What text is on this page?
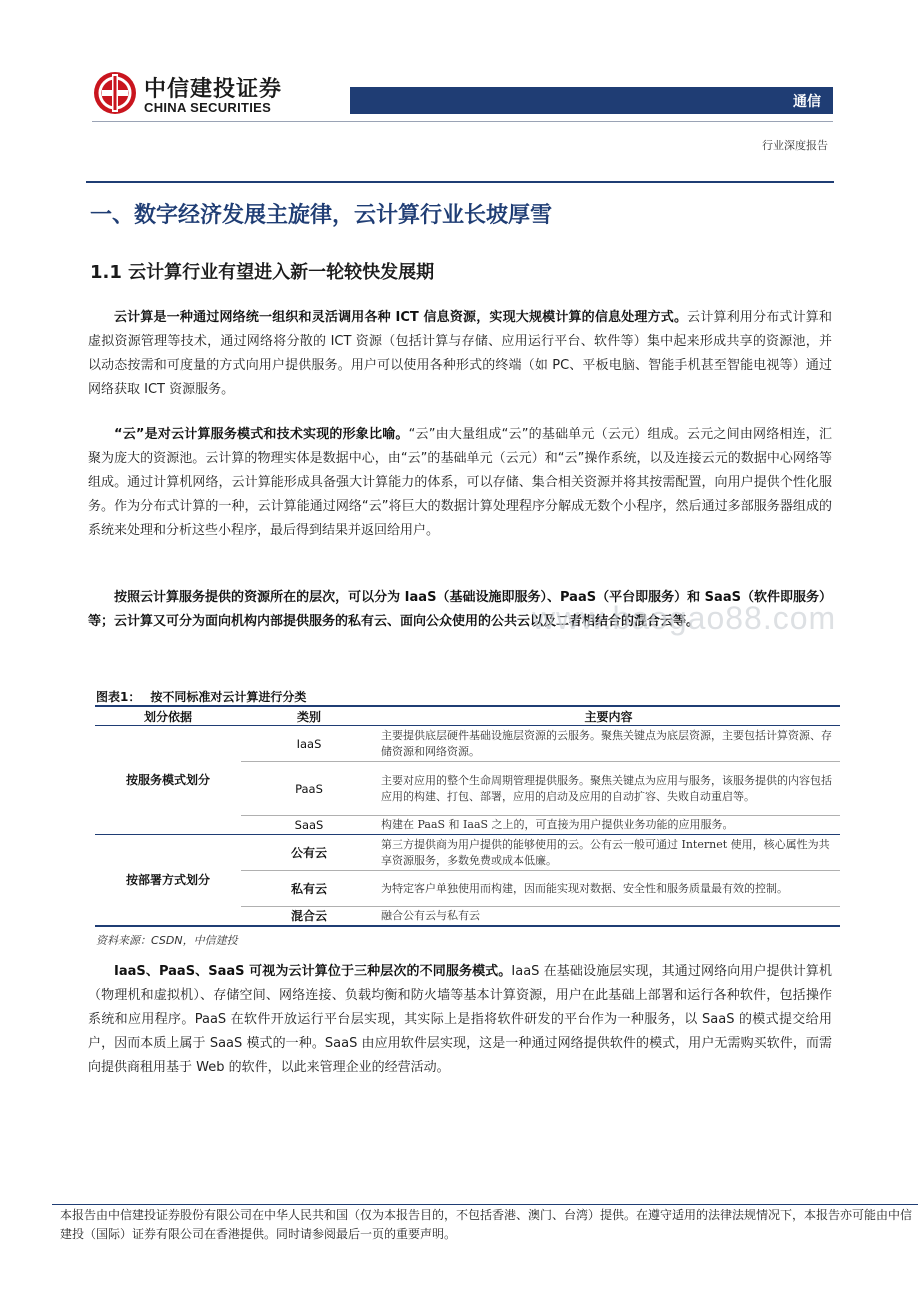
中信建投证券
CHINA SECURITIES	通信
行业深度报告
一、数字经济发展主旋律，云计算行业长坡厚雪
1.1 云计算行业有望进入新一轮较快发展期

云计算是一种通过网络统一组织和灵活调用各种 ICT 信息资源，实现大规模计算的信息处理方式。云计算利用分布式计算和虚拟资源管理等技术，通过网络将分散的 ICT 资源（包括计算与存储、应用运行平台、软件等）集中起来形成共享的资源池，并以动态按需和可度量的方式向用户提供服务。用户可以使用各种形式的终端（如 PC、平板电脑、智能手机甚至智能电视等）通过网络获取 ICT 资源服务。

“云”是对云计算服务模式和技术实现的形象比喻。“云”由大量组成“云”的基础单元（云元）组成。云元之间由网络相连，汇聚为庞大的资源池。云计算的物理实体是数据中心，由“云”的基础单元（云元）和“云”操作系统，以及连接云元的数据中心网络等组成。通过计算机网络，云计算能形成具备强大计算能力的体系，可以存储、集合相关资源并将其按需配置，向用户提供个性化服务。作为分布式计算的一种，云计算能通过网络“云”将巨大的数据计算处理程序分解成无数个小程序，然后通过多部服务器组成的系统来处理和分析这些小程序，最后得到结果并返回给用户。

按照云计算服务提供的资源所在的层次，可以分为 IaaS（基础设施即服务）、PaaS（平台即服务）和 SaaS（软件即服务）等；云计算又可分为面向机构内部提供服务的私有云、面向公众使用的公共云以及二者相结合的混合云等。

www.baogao88.com
图表1： 按不同标准对云计算进行分类
划分依据	类别	主要内容
按服务模式划分	IaaS	主要提供底层硬件基础设施层资源的云服务。聚焦关键点为底层资源，主要包括计算资源、存储资源和网络资源。
	PaaS	主要对应用的整个生命周期管理提供服务。聚焦关键点为应用与服务，该服务提供的内容包括应用的构建、打包、部署，应用的启动及应用的自动扩容、失败自动重启等。
	SaaS	构建在 PaaS 和 IaaS 之上的，可直接为用户提供业务功能的应用服务。
按部署方式划分	公有云	第三方提供商为用户提供的能够使用的云。公有云一般可通过 Internet 使用，核心属性为共享资源服务，多数免费或成本低廉。
	私有云	为特定客户单独使用而构建，因而能实现对数据、安全性和服务质量最有效的控制。
	混合云	融合公有云与私有云
资料来源：CSDN，中信建投

IaaS、PaaS、SaaS 可视为云计算位于三种层次的不同服务模式。IaaS 在基础设施层实现，其通过网络向用户提供计算机（物理机和虚拟机）、存储空间、网络连接、负载均衡和防火墙等基本计算资源，用户在此基础上部署和运行各种软件，包括操作系统和应用程序。PaaS 在软件开放运行平台层实现，其实际上是指将软件研发的平台作为一种服务，以 SaaS 的模式提交给用户，因而本质上属于 SaaS 模式的一种。SaaS 由应用软件层实现，这是一种通过网络提供软件的模式，用户无需购买软件，而需向提供商租用基于 Web 的软件，以此来管理企业的经营活动。

本报告由中信建投证券股份有限公司在中华人民共和国（仅为本报告目的，不包括香港、澳门、台湾）提供。在遵守适用的法律法规情况下，本报告亦可能由中信建投（国际）证券有限公司在香港提供。同时请参阅最后一页的重要声明。
